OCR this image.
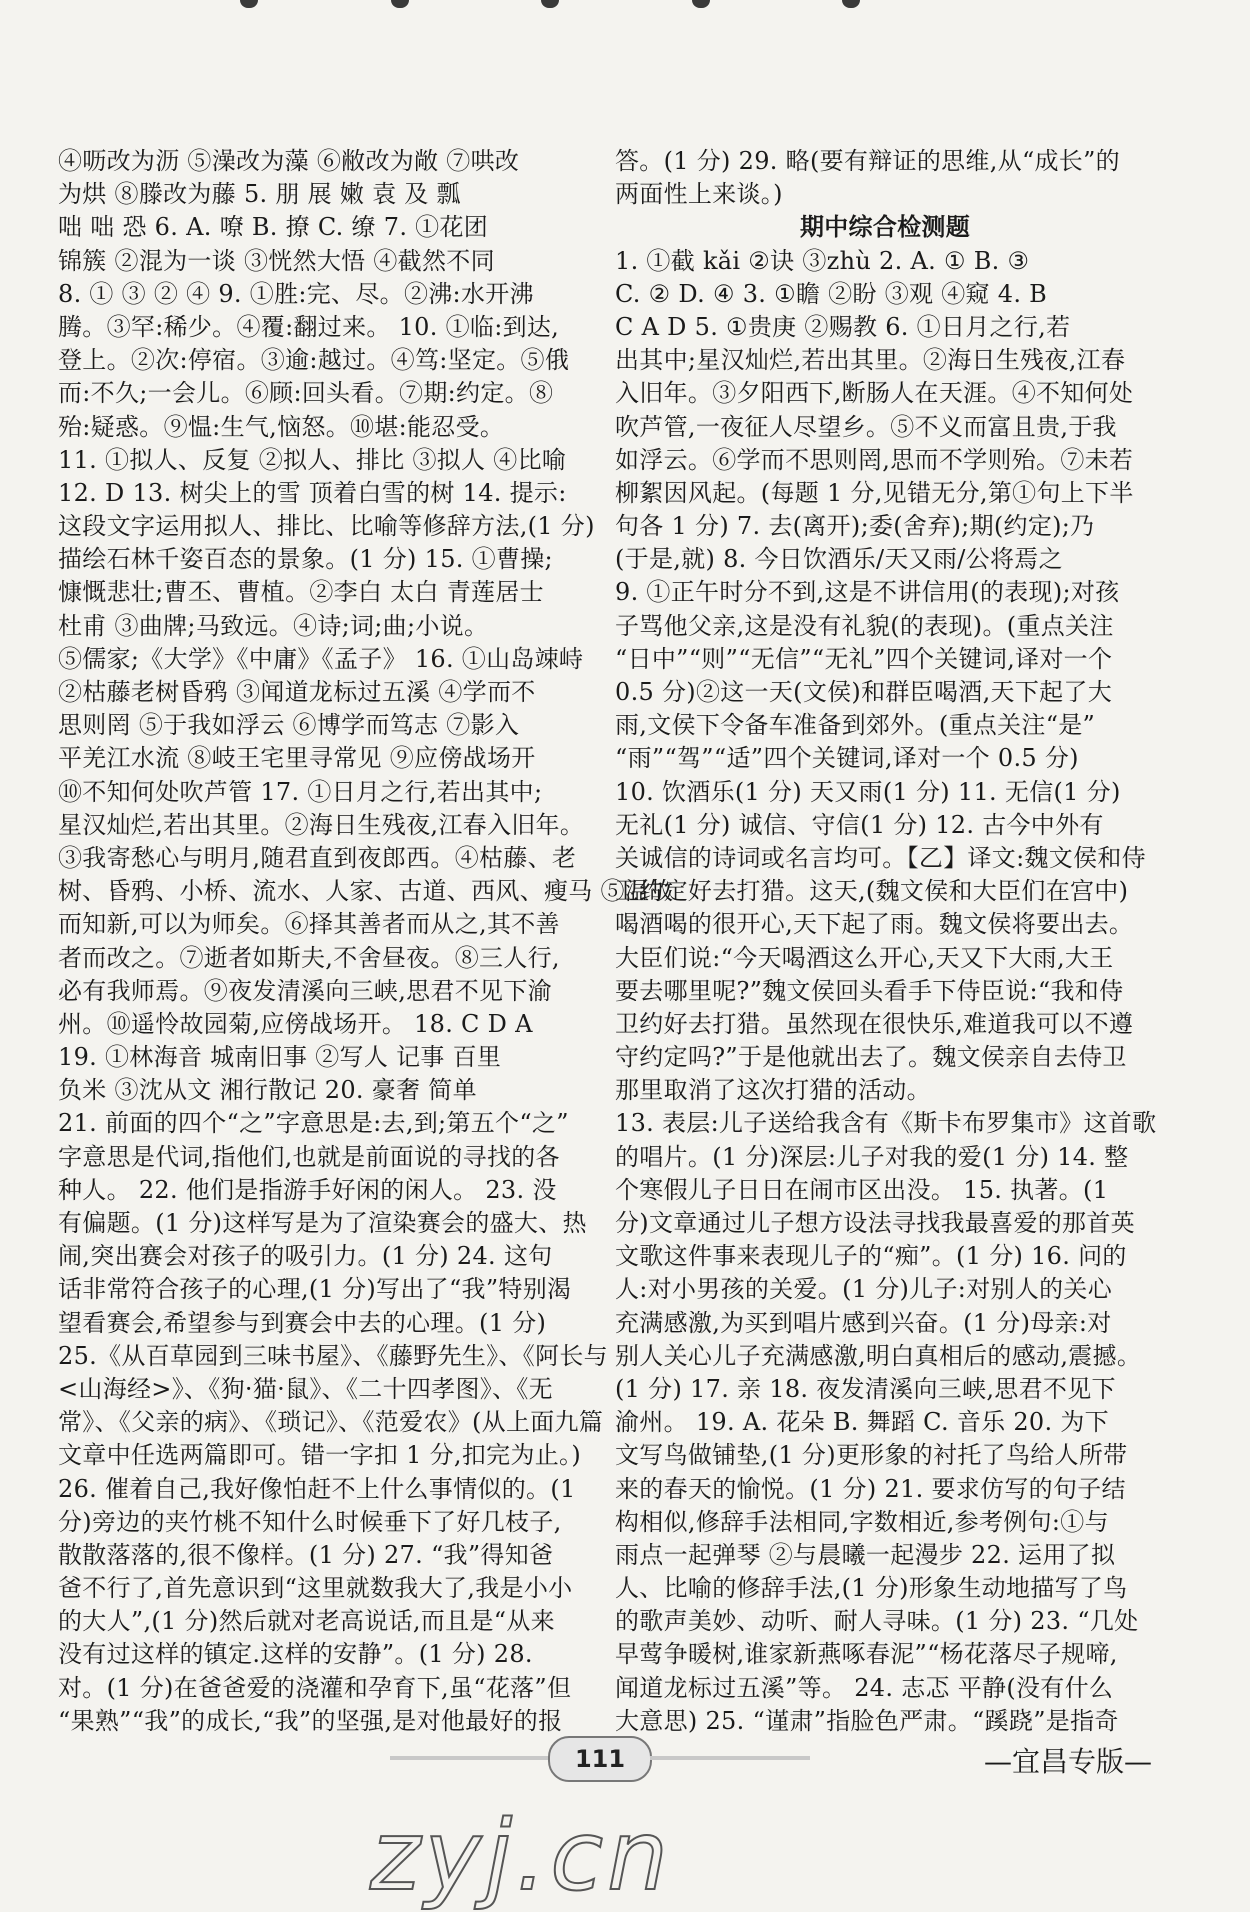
④呖改为沥 ⑤澡改为藻 ⑥敝改为敞 ⑦哄改
为烘 ⑧滕改为藤 5. 朋 展 嫩 袁 及 瓢
咄 咄 恐 6. A. 嘹 B. 撩 C. 缭 7. ①花团
锦簇 ②混为一谈 ③恍然大悟 ④截然不同
8. ① ③ ② ④ 9. ①胜:完、尽。②沸:水开沸
腾。③罕:稀少。④覆:翻过来。 10. ①临:到达,
登上。②次:停宿。③逾:越过。④笃:坚定。⑤俄
而:不久;一会儿。⑥顾:回头看。⑦期:约定。⑧
殆:疑惑。⑨愠:生气,恼怒。⑩堪:能忍受。
11. ①拟人、反复 ②拟人、排比 ③拟人 ④比喻
12. D 13. 树尖上的雪 顶着白雪的树 14. 提示:
这段文字运用拟人、排比、比喻等修辞方法,(1 分)
描绘石林千姿百态的景象。(1 分) 15. ①曹操;
慷慨悲壮;曹丕、曹植。②李白 太白 青莲居士
杜甫 ③曲牌;马致远。④诗;词;曲;小说。
⑤儒家;《大学》《中庸》《孟子》 16. ①山岛竦峙
②枯藤老树昏鸦 ③闻道龙标过五溪 ④学而不
思则罔 ⑤于我如浮云 ⑥博学而笃志 ⑦影入
平羌江水流 ⑧岐王宅里寻常见 ⑨应傍战场开
⑩不知何处吹芦管 17. ①日月之行,若出其中;
星汉灿烂,若出其里。②海日生残夜,江春入旧年。
③我寄愁心与明月,随君直到夜郎西。④枯藤、老
树、昏鸦、小桥、流水、人家、古道、西风、瘦马 ⑤温故
而知新,可以为师矣。⑥择其善者而从之,其不善
者而改之。⑦逝者如斯夫,不舍昼夜。⑧三人行,
必有我师焉。⑨夜发清溪向三峡,思君不见下渝
州。⑩遥怜故园菊,应傍战场开。 18. C D A
19. ①林海音 城南旧事 ②写人 记事 百里
负米 ③沈从文 湘行散记 20. 豪奢 简单
21. 前面的四个“之”字意思是:去,到;第五个“之”
字意思是代词,指他们,也就是前面说的寻找的各
种人。 22. 他们是指游手好闲的闲人。 23. 没
有偏题。(1 分)这样写是为了渲染赛会的盛大、热
闹,突出赛会对孩子的吸引力。(1 分) 24. 这句
话非常符合孩子的心理,(1 分)写出了“我”特别渴
望看赛会,希望参与到赛会中去的心理。(1 分)
25.《从百草园到三味书屋》、《藤野先生》、《阿长与
<山海经>》、《狗·猫·鼠》、《二十四孝图》、《无
常》、《父亲的病》、《琐记》、《范爱农》(从上面九篇
文章中任选两篇即可。错一字扣 1 分,扣完为止。)
26. 催着自己,我好像怕赶不上什么事情似的。(1
分)旁边的夹竹桃不知什么时候垂下了好几枝子,
散散落落的,很不像样。(1 分) 27. “我”得知爸
爸不行了,首先意识到“这里就数我大了,我是小小
的大人”,(1 分)然后就对老高说话,而且是“从来
没有过这样的镇定.这样的安静”。(1 分) 28.
对。(1 分)在爸爸爱的浇灌和孕育下,虽“花落”但
“果熟”“我”的成长,“我”的坚强,是对他最好的报
答。(1 分) 29. 略(要有辩证的思维,从“成长”的
两面性上来谈。)
期中综合检测题
1. ①截 kǎi ②诀 ③zhù 2. A. ① B. ③
C. ② D. ④ 3. ①瞻 ②盼 ③观 ④窥 4. B
C A D 5. ①贵庚 ②赐教 6. ①日月之行,若
出其中;星汉灿烂,若出其里。②海日生残夜,江春
入旧年。③夕阳西下,断肠人在天涯。④不知何处
吹芦管,一夜征人尽望乡。⑤不义而富且贵,于我
如浮云。⑥学而不思则罔,思而不学则殆。⑦未若
柳絮因风起。(每题 1 分,见错无分,第①句上下半
句各 1 分) 7. 去(离开);委(舍弃);期(约定);乃
(于是,就) 8. 今日饮酒乐/天又雨/公将焉之
9. ①正午时分不到,这是不讲信用(的表现);对孩
子骂他父亲,这是没有礼貌(的表现)。(重点关注
“日中”“则”“无信”“无礼”四个关键词,译对一个
0.5 分)②这一天(文侯)和群臣喝酒,天下起了大
雨,文侯下令备车准备到郊外。(重点关注“是”
“雨”“驾”“适”四个关键词,译对一个 0.5 分)
10. 饮酒乐(1 分) 天又雨(1 分) 11. 无信(1 分)
无礼(1 分) 诚信、守信(1 分) 12. 古今中外有
关诚信的诗词或名言均可。【乙】译文:魏文侯和侍
卫约定好去打猎。这天,(魏文侯和大臣们在宫中)
喝酒喝的很开心,天下起了雨。魏文侯将要出去。
大臣们说:“今天喝酒这么开心,天又下大雨,大王
要去哪里呢?”魏文侯回头看手下侍臣说:“我和侍
卫约好去打猎。虽然现在很快乐,难道我可以不遵
守约定吗?”于是他就出去了。魏文侯亲自去侍卫
那里取消了这次打猎的活动。
13. 表层:儿子送给我含有《斯卡布罗集市》这首歌
的唱片。(1 分)深层:儿子对我的爱(1 分) 14. 整
个寒假儿子日日在闹市区出没。 15. 执著。(1
分)文章通过儿子想方设法寻找我最喜爱的那首英
文歌这件事来表现儿子的“痴”。(1 分) 16. 问的
人:对小男孩的关爱。(1 分)儿子:对别人的关心
充满感激,为买到唱片感到兴奋。(1 分)母亲:对
别人关心儿子充满感激,明白真相后的感动,震撼。
(1 分) 17. 亲 18. 夜发清溪向三峡,思君不见下
渝州。 19. A. 花朵 B. 舞蹈 C. 音乐 20. 为下
文写鸟做铺垫,(1 分)更形象的衬托了鸟给人所带
来的春天的愉悦。(1 分) 21. 要求仿写的句子结
构相似,修辞手法相同,字数相近,参考例句:①与
雨点一起弹琴 ②与晨曦一起漫步 22. 运用了拟
人、比喻的修辞手法,(1 分)形象生动地描写了鸟
的歌声美妙、动听、耐人寻味。(1 分) 23. “几处
早莺争暖树,谁家新燕啄春泥”“杨花落尽子规啼,
闻道龙标过五溪”等。 24. 志忑 平静(没有什么
大意思) 25. “谨肃”指脸色严肃。“蹊跷”是指奇
111	—宜昌专版—
zyj.cn
